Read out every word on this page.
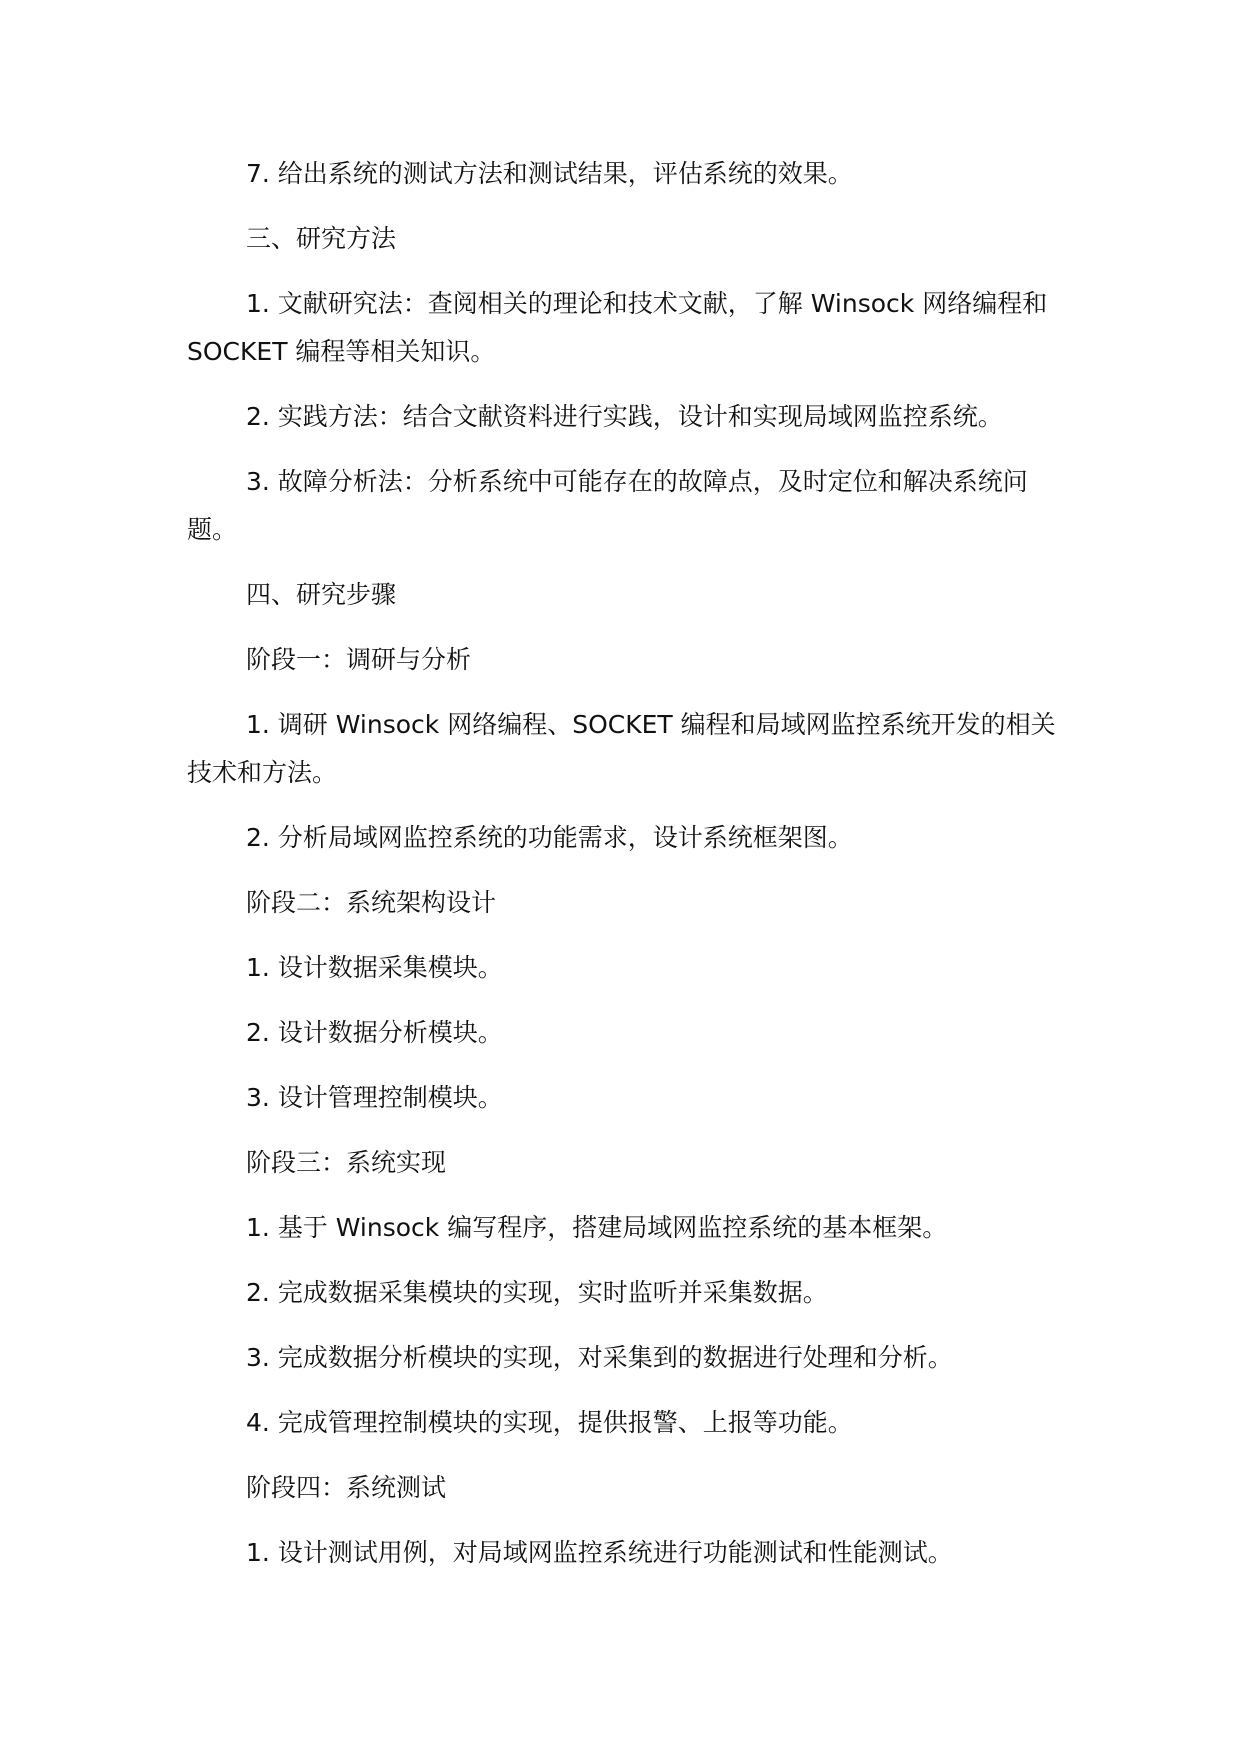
7. 给出系统的测试方法和测试结果，评估系统的效果。

三、研究方法

1. 文献研究法：查阅相关的理论和技术文献，了解 Winsock 网络编程和 SOCKET 编程等相关知识。

2. 实践方法：结合文献资料进行实践，设计和实现局域网监控系统。

3. 故障分析法：分析系统中可能存在的故障点，及时定位和解决系统问题。

四、研究步骤

阶段一：调研与分析

1. 调研 Winsock 网络编程、SOCKET 编程和局域网监控系统开发的相关技术和方法。

2. 分析局域网监控系统的功能需求，设计系统框架图。

阶段二：系统架构设计

1. 设计数据采集模块。

2. 设计数据分析模块。

3. 设计管理控制模块。

阶段三：系统实现

1. 基于 Winsock 编写程序，搭建局域网监控系统的基本框架。

2. 完成数据采集模块的实现，实时监听并采集数据。

3. 完成数据分析模块的实现，对采集到的数据进行处理和分析。

4. 完成管理控制模块的实现，提供报警、上报等功能。

阶段四：系统测试

1. 设计测试用例，对局域网监控系统进行功能测试和性能测试。
